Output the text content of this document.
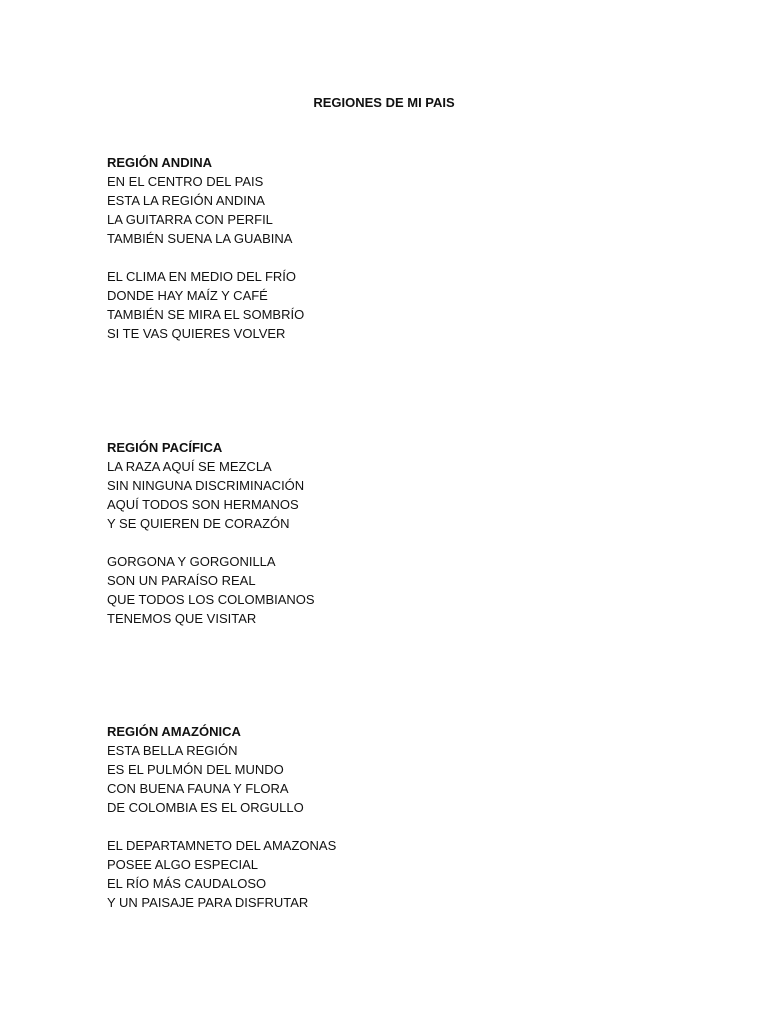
REGIONES DE MI PAIS
REGIÓN ANDINA
EN EL CENTRO DEL PAIS
ESTA LA REGIÓN ANDINA
LA GUITARRA CON PERFIL
TAMBIÉN SUENA LA GUABINA
EL CLIMA EN MEDIO DEL FRÍO
DONDE HAY MAÍZ Y CAFÉ
TAMBIÉN SE MIRA EL SOMBRÍO
SI TE VAS QUIERES VOLVER
REGIÓN PACÍFICA
LA RAZA AQUÍ SE MEZCLA
SIN NINGUNA DISCRIMINACIÓN
AQUÍ TODOS SON HERMANOS
Y SE QUIEREN DE CORAZÓN
GORGONA Y GORGONILLA
SON UN PARAÍSO REAL
QUE TODOS LOS COLOMBIANOS
TENEMOS QUE VISITAR
REGIÓN AMAZÓNICA
ESTA BELLA REGIÓN
ES EL PULMÓN DEL MUNDO
CON BUENA FAUNA Y FLORA
DE COLOMBIA ES EL ORGULLO
EL DEPARTAMNETO DEL AMAZONAS
POSEE ALGO ESPECIAL
EL RÍO MÁS CAUDALOSO
Y UN PAISAJE PARA DISFRUTAR
